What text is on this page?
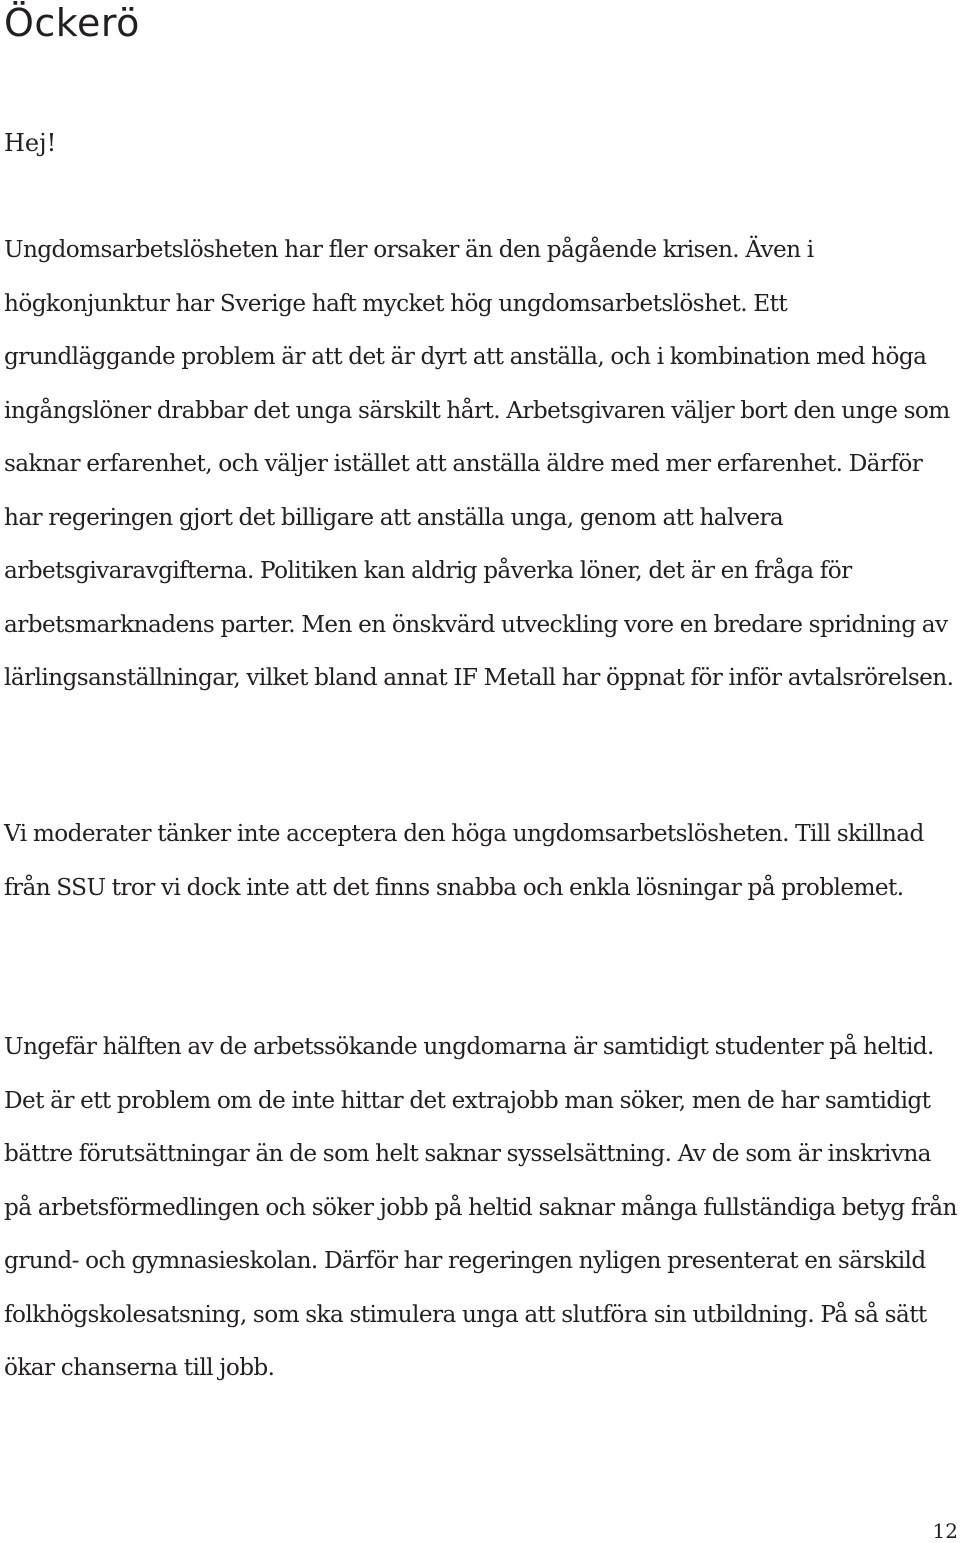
Öckerö

Hej!

Ungdomsarbetslösheten har fler orsaker än den pågående krisen. Även i högkonjunktur har Sverige haft mycket hög ungdomsarbetslöshet. Ett grundläggande problem är att det är dyrt att anställa, och i kombination med höga ingångslöner drabbar det unga särskilt hårt. Arbetsgivaren väljer bort den unge som saknar erfarenhet, och väljer istället att anställa äldre med mer erfarenhet. Därför har regeringen gjort det billigare att anställa unga, genom att halvera arbetsgivaravgifterna. Politiken kan aldrig påverka löner, det är en fråga för arbetsmarknadens parter. Men en önskvärd utveckling vore en bredare spridning av lärlingsanställningar, vilket bland annat IF Metall har öppnat för inför avtalsrörelsen.

Vi moderater tänker inte acceptera den höga ungdomsarbetslösheten. Till skillnad från SSU tror vi dock inte att det finns snabba och enkla lösningar på problemet.

Ungefär hälften av de arbetssökande ungdomarna är samtidigt studenter på heltid. Det är ett problem om de inte hittar det extrajobb man söker, men de har samtidigt bättre förutsättningar än de som helt saknar sysselsättning. Av de som är inskrivna på arbetsförmedlingen och söker jobb på heltid saknar många fullständiga betyg från grund- och gymnasieskolan. Därför har regeringen nyligen presenterat en särskild folkhögskolesatsning, som ska stimulera unga att slutföra sin utbildning. På så sätt ökar chanserna till jobb.

12
